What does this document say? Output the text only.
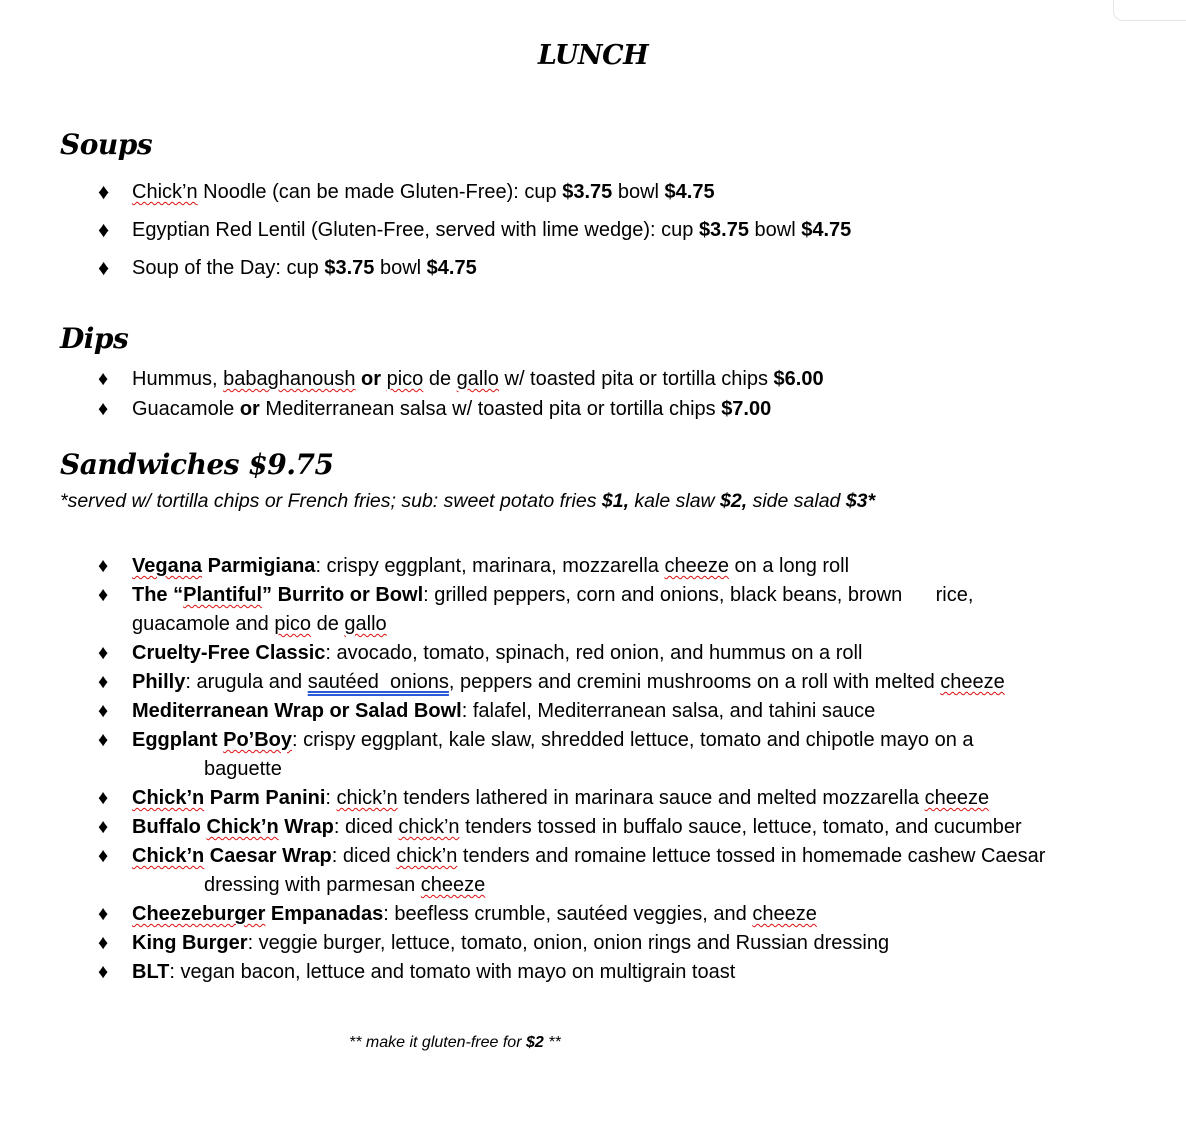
LUNCH
Soups
♦ Chick’n Noodle (can be made Gluten-Free): cup $3.75 bowl $4.75
♦ Egyptian Red Lentil (Gluten-Free, served with lime wedge): cup $3.75 bowl $4.75
♦ Soup of the Day: cup $3.75 bowl $4.75
Dips
♦ Hummus, babaghanoush or pico de gallo w/ toasted pita or tortilla chips $6.00
♦ Guacamole or Mediterranean salsa w/ toasted pita or tortilla chips $7.00
Sandwiches $9.75
*served w/ tortilla chips or French fries; sub: sweet potato fries $1, kale slaw $2, side salad $3*
♦ Vegana Parmigiana: crispy eggplant, marinara, mozzarella cheeze on a long roll
♦ The “Plantiful” Burrito or Bowl: grilled peppers, corn and onions, black beans, brown      rice,
guacamole and pico de gallo
♦ Cruelty-Free Classic: avocado, tomato, spinach, red onion, and hummus on a roll
♦ Philly: arugula and sautéed  onions, peppers and cremini mushrooms on a roll with melted cheeze
♦ Mediterranean Wrap or Salad Bowl: falafel, Mediterranean salsa, and tahini sauce
♦ Eggplant Po’Boy: crispy eggplant, kale slaw, shredded lettuce, tomato and chipotle mayo on a
baguette
♦ Chick’n Parm Panini: chick’n tenders lathered in marinara sauce and melted mozzarella cheeze
♦ Buffalo Chick’n Wrap: diced chick’n tenders tossed in buffalo sauce, lettuce, tomato, and cucumber
♦ Chick’n Caesar Wrap: diced chick’n tenders and romaine lettuce tossed in homemade cashew Caesar
dressing with parmesan cheeze
♦ Cheezeburger Empanadas: beefless crumble, sautéed veggies, and cheeze
♦ King Burger: veggie burger, lettuce, tomato, onion, onion rings and Russian dressing
♦ BLT: vegan bacon, lettuce and tomato with mayo on multigrain toast
** make it gluten-free for $2 **
